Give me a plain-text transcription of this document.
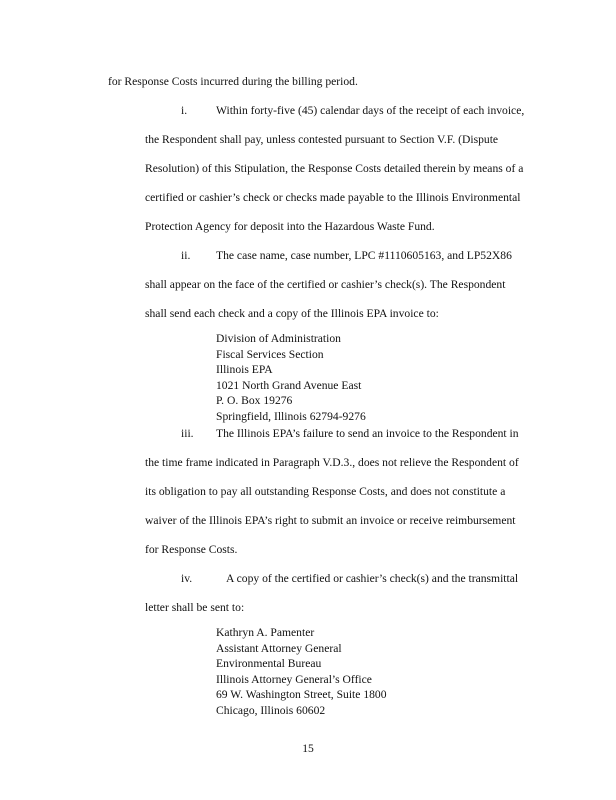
for Response Costs incurred during the billing period.
i. Within forty-five (45) calendar days of the receipt of each invoice,
the Respondent shall pay, unless contested pursuant to Section V.F. (Dispute
Resolution) of this Stipulation, the Response Costs detailed therein by means of a
certified or cashier’s check or checks made payable to the Illinois Environmental
Protection Agency for deposit into the Hazardous Waste Fund.
ii. The case name, case number, LPC #1110605163, and LP52X86
shall appear on the face of the certified or cashier’s check(s). The Respondent
shall send each check and a copy of the Illinois EPA invoice to:
Division of Administration
Fiscal Services Section
Illinois EPA
1021 North Grand Avenue East
P. O. Box 19276
Springfield, Illinois 62794-9276
iii. The Illinois EPA’s failure to send an invoice to the Respondent in
the time frame indicated in Paragraph V.D.3., does not relieve the Respondent of
its obligation to pay all outstanding Response Costs, and does not constitute a
waiver of the Illinois EPA’s right to submit an invoice or receive reimbursement
for Response Costs.
iv.	A copy of the certified or cashier’s check(s) and the transmittal
letter shall be sent to:
Kathryn A. Pamenter
Assistant Attorney General
Environmental Bureau
Illinois Attorney General’s Office
69 W. Washington Street, Suite 1800
Chicago, Illinois 60602
15
